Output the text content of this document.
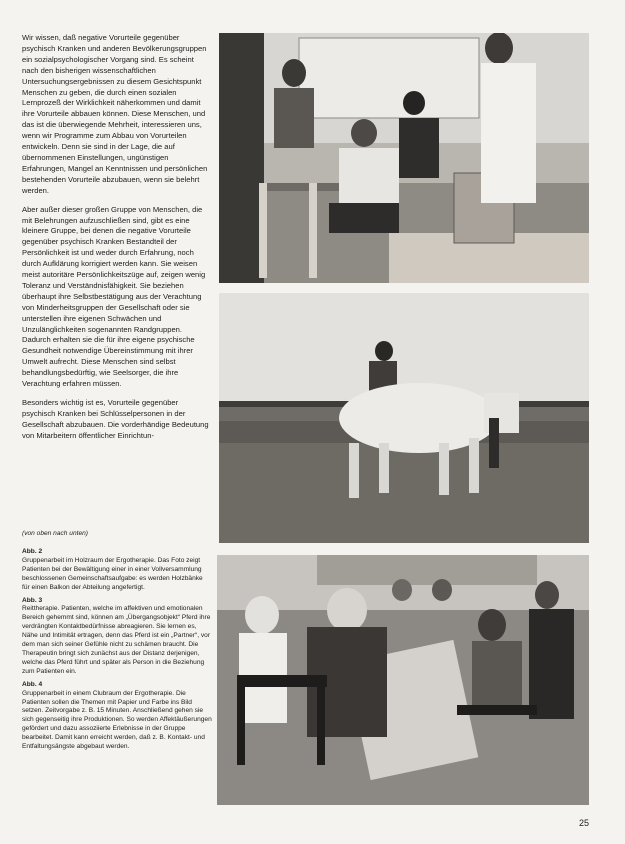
Wir wissen, daß negative Vorurteile gegenüber psychisch Kranken und anderen Bevölkerungsgruppen ein sozialpsychologischer Vorgang sind. Es scheint nach den bisherigen wissenschaftlichen Untersuchungsergebnissen zu diesem Gesichtspunkt Menschen zu geben, die durch einen sozialen Lernprozeß der Wirklichkeit näherkommen und damit ihre Vorurteile abbauen können. Diese Menschen, und das ist die überwiegende Mehrheit, interessieren uns, wenn wir Programme zum Abbau von Vorurteilen entwickeln. Denn sie sind in der Lage, die auf übernommenen Einstellungen, ungünstigen Erfahrungen, Mangel an Kenntnissen und persönlichen bestehenden Vorurteile abzubauen, wenn sie belehrt werden.

Aber außer dieser großen Gruppe von Menschen, die mit Belehrungen aufzuschließen sind, gibt es eine kleinere Gruppe, bei denen die negative Vorurteile gegenüber psychisch Kranken Bestandteil der Persönlichkeit ist und weder durch Erfahrung, noch durch Aufklärung korrigiert werden kann. Sie weisen meist autoritäre Persönlichkeitszüge auf, zeigen wenig Toleranz und Verständnisfähigkeit. Sie beziehen überhaupt ihre Selbstbestätigung aus der Verachtung von Minderheitsgruppen der Gesellschaft oder sie unterstellen ihre eigenen Schwächen und Unzulänglichkeiten sogenannten Randgruppen. Dadurch erhalten sie die für ihre eigene psychische Gesundheit notwendige Übereinstimmung mit ihrer Umwelt aufrecht. Diese Menschen sind selbst behandlungsbedürftig, wie Seelsorger, die ihre Verachtung erfahren müssen.

Besonders wichtig ist es, Vorurteile gegenüber psychisch Kranken bei Schlüsselpersonen in der Gesellschaft abzubauen. Die vorderhändige Bedeutung von Mitarbeitern öffentlicher Einrichtun-

(von oben nach unten)

Abb. 2
Gruppenarbeit im Holzraum der Ergotherapie. Das Foto zeigt Patienten bei der Bewältigung einer in einer Vollversammlung beschlossenen Gemeinschaftsaufgabe: es werden Holzbänke für einen Balkon der Abteilung angefertigt.

Abb. 3
Reittherapie. Patienten, welche im affektiven und emotionalen Bereich gehemmt sind, können am „Übergangsobjekt“ Pferd ihre verdrängten Kontaktbedürfnisse abreagieren. Sie lernen es, Nähe und Intimität ertragen, denn das Pferd ist ein „Partner“, vor dem man sich seiner Gefühle nicht zu schämen braucht. Die Therapeutin bringt sich zunächst aus der Distanz derjenigen, welche das Pferd führt und später als Person in die Beziehung zum Patienten ein.

Abb. 4
Gruppenarbeit in einem Clubraum der Ergotherapie. Die Patienten sollen die Themen mit Papier und Farbe ins Bild setzen. Zeitvorgabe z. B. 15 Minuten. Anschließend gehen sie sich gegenseitig ihre Produktionen. So werden Affektäußerungen gefördert und dazu assoziierte Erlebnisse in der Gruppe bearbeitet. Damit kann erreicht werden, daß z. B. Kontakt- und Entfaltungsängste abgebaut werden.

25
